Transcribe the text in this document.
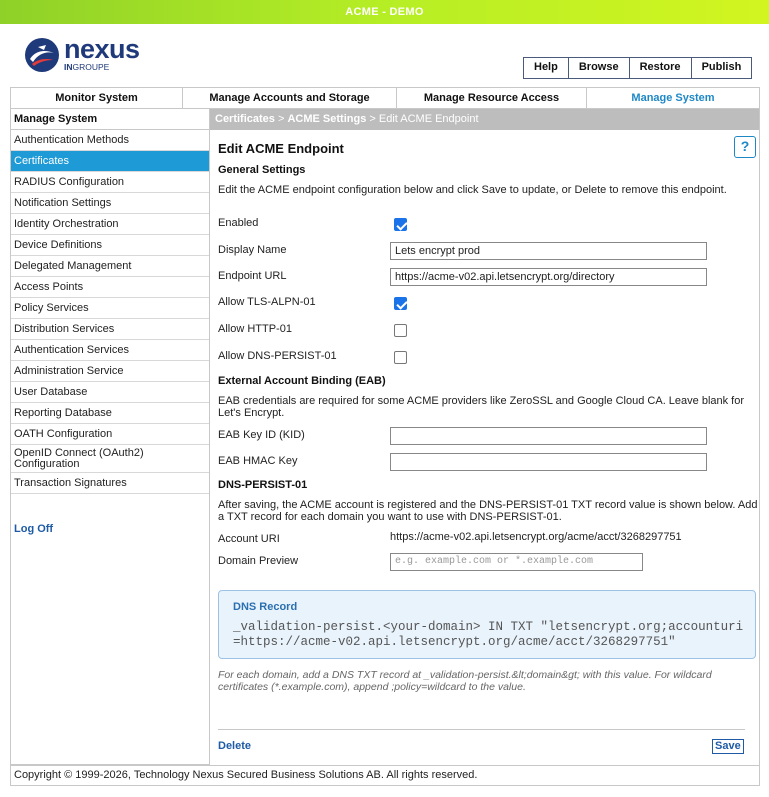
ACME - DEMO
nexus
INGROUPE	Help	Browse	Restore	Publish
Monitor System	Manage Accounts and Storage	Manage Resource Access	Manage System
Manage System
Authentication Methods
Certificates
RADIUS Configuration
Notification Settings
Identity Orchestration
Device Definitions
Delegated Management
Access Points
Policy Services
Distribution Services
Authentication Services
Administration Service
User Database
Reporting Database
OATH Configuration
OpenID Connect (OAuth2) Configuration
Transaction Signatures
Log Off
Certificates > ACME Settings > Edit ACME Endpoint
?
Edit ACME Endpoint
General Settings
Edit the ACME endpoint configuration below and click Save to update, or Delete to remove this endpoint.
Enabled
Display Name	Lets encrypt prod
Endpoint URL	https://acme-v02.api.letsencrypt.org/directory
Allow TLS-ALPN-01
Allow HTTP-01
Allow DNS-PERSIST-01
External Account Binding (EAB)
EAB credentials are required for some ACME providers like ZeroSSL and Google Cloud CA. Leave blank for Let's Encrypt.
EAB Key ID (KID)
EAB HMAC Key
DNS-PERSIST-01
After saving, the ACME account is registered and the DNS-PERSIST-01 TXT record value is shown below. Add a TXT record for each domain you want to use with DNS-PERSIST-01.
Account URI	https://acme-v02.api.letsencrypt.org/acme/acct/3268297751
Domain Preview	e.g. example.com or *.example.com
DNS Record
_validation-persist.<your-domain> IN TXT "letsencrypt.org;accounturi=https://acme-v02.api.letsencrypt.org/acme/acct/3268297751"
For each domain, add a DNS TXT record at _validation-persist.&lt;domain&gt; with this value. For wildcard certificates (*.example.com), append ;policy=wildcard to the value.
Delete	Save
Copyright © 1999-2026, Technology Nexus Secured Business Solutions AB. All rights reserved.
